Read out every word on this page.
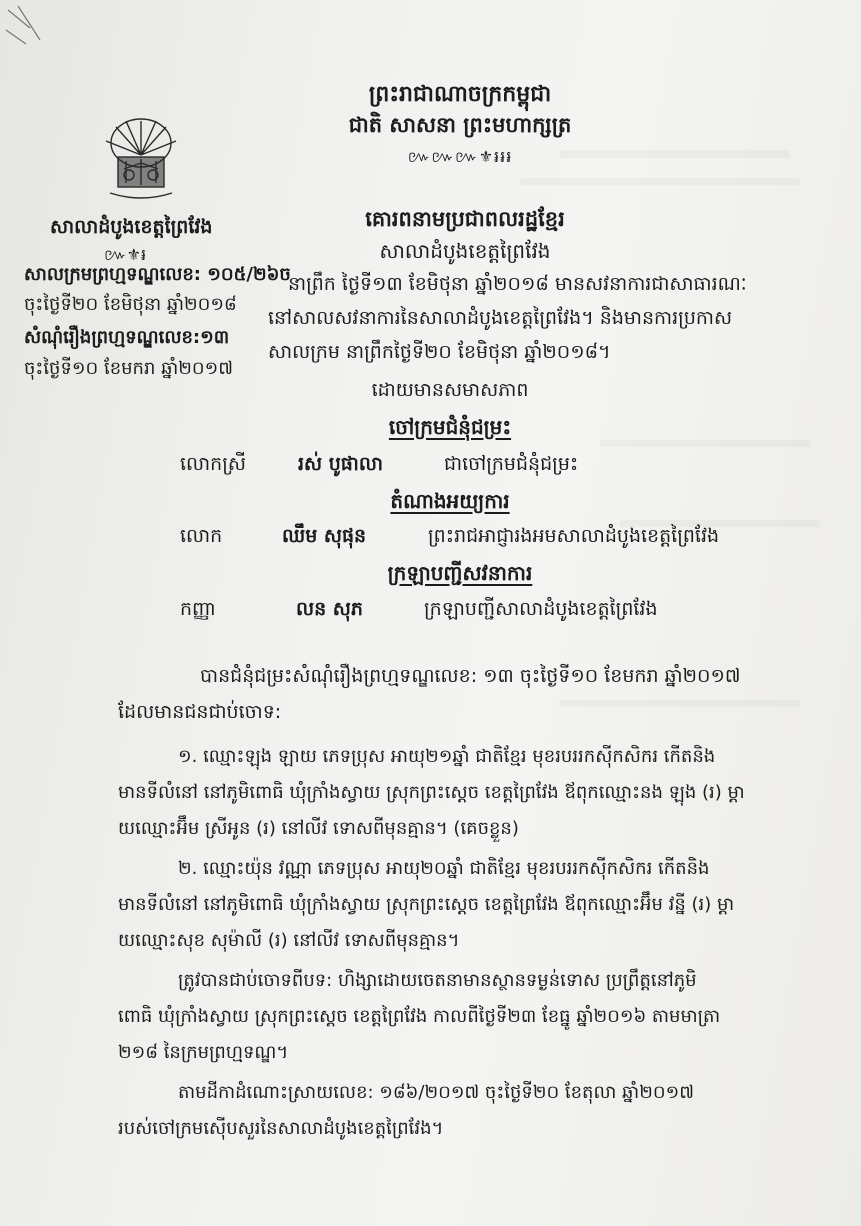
ព្រះរាជាណាចក្រកម្ពុជា
ជាតិ សាសនា ព្រះមហាក្សត្រ
៚៚៚⚜៛៛៛
សាលាដំបូងខេត្តព្រៃវែង
៚⚜៛
សាលក្រមព្រហ្មទណ្ឌលេខ: ១០៥/២៦ច
ចុះថ្ងៃទី២០ ខែមិថុនា ឆ្នាំ២០១៨
សំណុំរឿងព្រហ្មទណ្ឌលេខ:១៣
ចុះថ្ងៃទី១០ ខែមករា ឆ្នាំ២០១៧
គោរពនាមប្រជាពលរដ្ឋខ្មែរ
សាលាដំបូងខេត្តព្រៃវែង
នាព្រឹក ថ្ងៃទី១៣ ខែមិថុនា ឆ្នាំ២០១៨ មានសវនាការជាសាធារណៈ
នៅសាលសវនាការនៃសាលាដំបូងខេត្តព្រៃវែង។ និងមានការប្រកាស
សាលក្រម នាព្រឹកថ្ងៃទី២០ ខែមិថុនា ឆ្នាំ២០១៨។
ដោយមានសមាសភាព
ចៅក្រមជំនុំជម្រះ
លោកស្រី	រស់ បូផាលា	ជាចៅក្រមជំនុំជម្រះ
តំណាងអយ្យការ
លោក	ឈឹម សុផុន	ព្រះរាជអាជ្ញារងអមសាលាដំបូងខេត្តព្រៃវែង
ក្រឡាបញ្ជីសវនាការ
កញ្ញា	លន សុភ	ក្រឡាបញ្ជីសាលាដំបូងខេត្តព្រៃវែង
បានជំនុំជម្រះសំណុំរឿងព្រហ្មទណ្ឌលេខ: ១៣ ចុះថ្ងៃទី១០ ខែមករា ឆ្នាំ២០១៧
ដែលមានជនជាប់ចោទ:
១. ឈ្មោះឡុង ឡាយ ភេទប្រុស អាយុ២១ឆ្នាំ ជាតិខ្មែរ មុខរបររកស៊ីកសិករ កើតនិង
មានទីលំនៅ នៅភូមិពោធិ ឃុំក្រាំងស្វាយ ស្រុកព្រះស្ដេច ខេត្តព្រៃវែង ឪពុកឈ្មោះនង ឡុង (រ) ម្ដា
យឈ្មោះអ៊ឹម ស្រីអូន (រ) នៅលីវ ទោសពីមុនគ្មាន។ (គេចខ្លួន)
២. ឈ្មោះយ៉ុន វណ្ណា ភេទប្រុស អាយុ២០ឆ្នាំ ជាតិខ្មែរ មុខរបររកស៊ីកសិករ កើតនិង
មានទីលំនៅ នៅភូមិពោធិ ឃុំក្រាំងស្វាយ ស្រុកព្រះស្ដេច ខេត្តព្រៃវែង ឪពុកឈ្មោះអ៊ឹម វន្នី (រ) ម្ដា
យឈ្មោះសុខ សុម៉ាលី (រ) នៅលីវ ទោសពីមុនគ្មាន។
ត្រូវបានជាប់ចោទពីបទ: ហិង្សាដោយចេតនាមានស្ថានទម្ងន់ទោស ប្រព្រឹត្តនៅភូមិ
ពោធិ ឃុំក្រាំងស្វាយ ស្រុកព្រះស្ដេច ខេត្តព្រៃវែង កាលពីថ្ងៃទី២៣ ខែធ្នូ ឆ្នាំ២០១៦ តាមមាត្រា
២១៨ នៃក្រមព្រហ្មទណ្ឌ។
តាមដីកាដំណោះស្រាយលេខ: ១៨៦/២០១៧ ចុះថ្ងៃទី២០ ខែតុលា ឆ្នាំ២០១៧
របស់ចៅក្រមស៊ើបសួរនៃសាលាដំបូងខេត្តព្រៃវែង។
